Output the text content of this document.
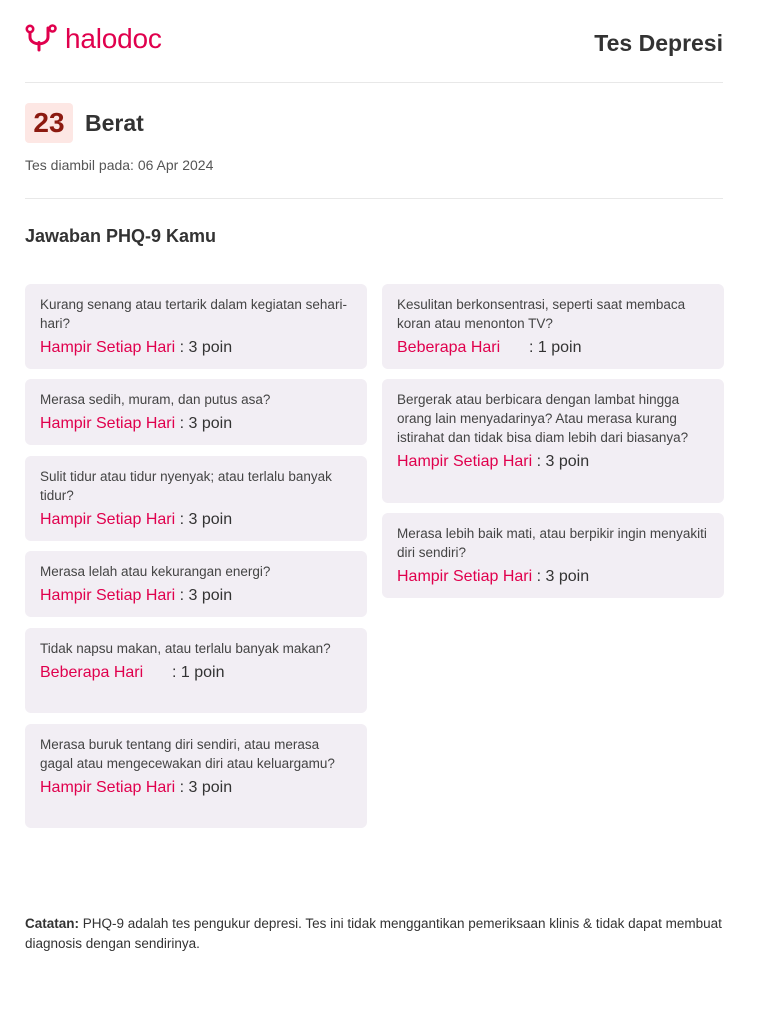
halodoc	Tes Depresi
23 Berat
Tes diambil pada: 06 Apr 2024
Jawaban PHQ-9 Kamu
Kurang senang atau tertarik dalam kegiatan sehari-hari?
Hampir Setiap Hari : 3 poin
Merasa sedih, muram, dan putus asa?
Hampir Setiap Hari : 3 poin
Sulit tidur atau tidur nyenyak; atau terlalu banyak tidur?
Hampir Setiap Hari : 3 poin
Merasa lelah atau kekurangan energi?
Hampir Setiap Hari : 3 poin
Tidak napsu makan, atau terlalu banyak makan?
Beberapa Hari : 1 poin
Merasa buruk tentang diri sendiri, atau merasa gagal atau mengecewakan diri atau keluargamu?
Hampir Setiap Hari : 3 poin
Kesulitan berkonsentrasi, seperti saat membaca koran atau menonton TV?
Beberapa Hari : 1 poin
Bergerak atau berbicara dengan lambat hingga orang lain menyadarinya? Atau merasa kurang istirahat dan tidak bisa diam lebih dari biasanya?
Hampir Setiap Hari : 3 poin
Merasa lebih baik mati, atau berpikir ingin menyakiti diri sendiri?
Hampir Setiap Hari : 3 poin
Catatan: PHQ-9 adalah tes pengukur depresi. Tes ini tidak menggantikan pemeriksaan klinis & tidak dapat membuat diagnosis dengan sendirinya.
